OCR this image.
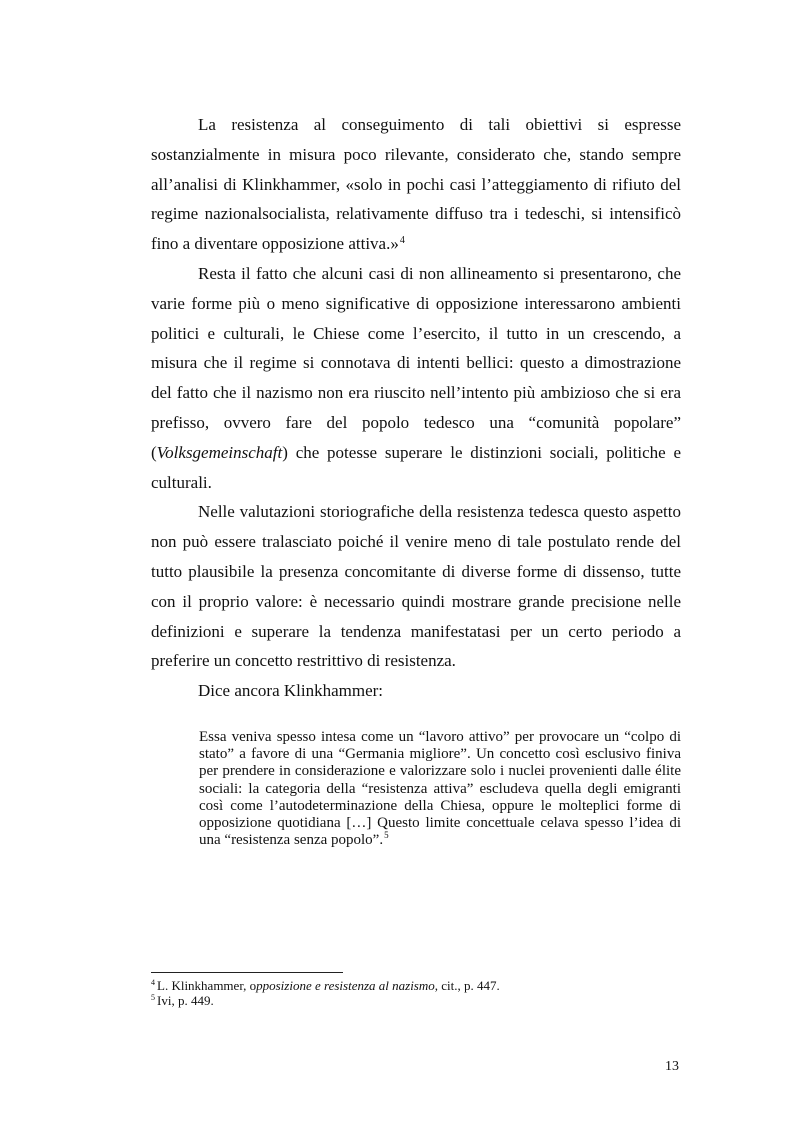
La resistenza al conseguimento di tali obiettivi si espresse sostanzialmente in misura poco rilevante, considerato che, stando sempre all’analisi di Klinkhammer, «solo in pochi casi l’atteggiamento di rifiuto del regime nazionalsocialista, relativamente diffuso tra i tedeschi, si intensificò fino a diventare opposizione attiva.»$^4$

Resta il fatto che alcuni casi di non allineamento si presentarono, che varie forme più o meno significative di opposizione interessarono ambienti politici e culturali, le Chiese come l’esercito, il tutto in un crescendo, a misura che il regime si connotava di intenti bellici: questo a dimostrazione del fatto che il nazismo non era riuscito nell’intento più ambizioso che si era prefisso, ovvero fare del popolo tedesco una “comunità popolare” (Volksgemeinschaft) che potesse superare le distinzioni sociali, politiche e culturali.

Nelle valutazioni storiografiche della resistenza tedesca questo aspetto non può essere tralasciato poiché il venire meno di tale postulato rende del tutto plausibile la presenza concomitante di diverse forme di dissenso, tutte con il proprio valore: è necessario quindi mostrare grande precisione nelle definizioni e superare la tendenza manifestatasi per un certo periodo a preferire un concetto restrittivo di resistenza.

Dice ancora Klinkhammer:

Essa veniva spesso intesa come un “lavoro attivo” per provocare un “colpo di stato” a favore di una “Germania migliore”. Un concetto così esclusivo finiva per prendere in considerazione e valorizzare solo i nuclei provenienti dalle élite sociali: la categoria della “resistenza attiva” escludeva quella degli emigranti così come l’autodeterminazione della Chiesa, oppure le molteplici forme di opposizione quotidiana […] Questo limite concettuale celava spesso l’idea di una “resistenza senza popolo”.$^5$

$^4$ L. Klinkhammer, opposizione e resistenza al nazismo, cit., p. 447.

$^5$ Ivi, p. 449.

13
